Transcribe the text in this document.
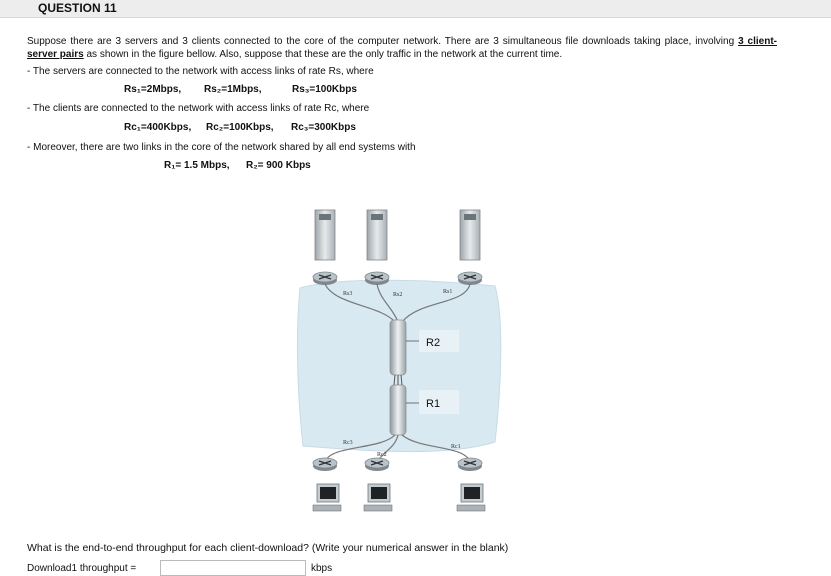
QUESTION 11
Suppose there are 3 servers and 3 clients connected to the core of the computer network. There are 3 simultaneous file downloads taking place, involving 3 client-server pairs as shown in the figure bellow. Also, suppose that these are the only traffic in the network at the current time.
- The servers are connected to the network with access links of rate Rs, where
Rs₁=2Mbps, Rs₂=1Mbps,	Rs₃=100Kbps
- The clients are connected to the network with access links of rate Rc, where
Rc₁=400Kbps, Rc₂=100Kbps, Rc₃=300Kbps
- Moreover, there are two links in the core of the network shared by all end systems with
R₁= 1.5 Mbps, R₂= 900 Kbps
Rs3	Rs2	Rs1
R2
R1
Rc3
Rc2
Rc1
What is the end-to-end throughput for each client-download? (Write your numerical answer in the blank)
Download1 throughput =	kbps
